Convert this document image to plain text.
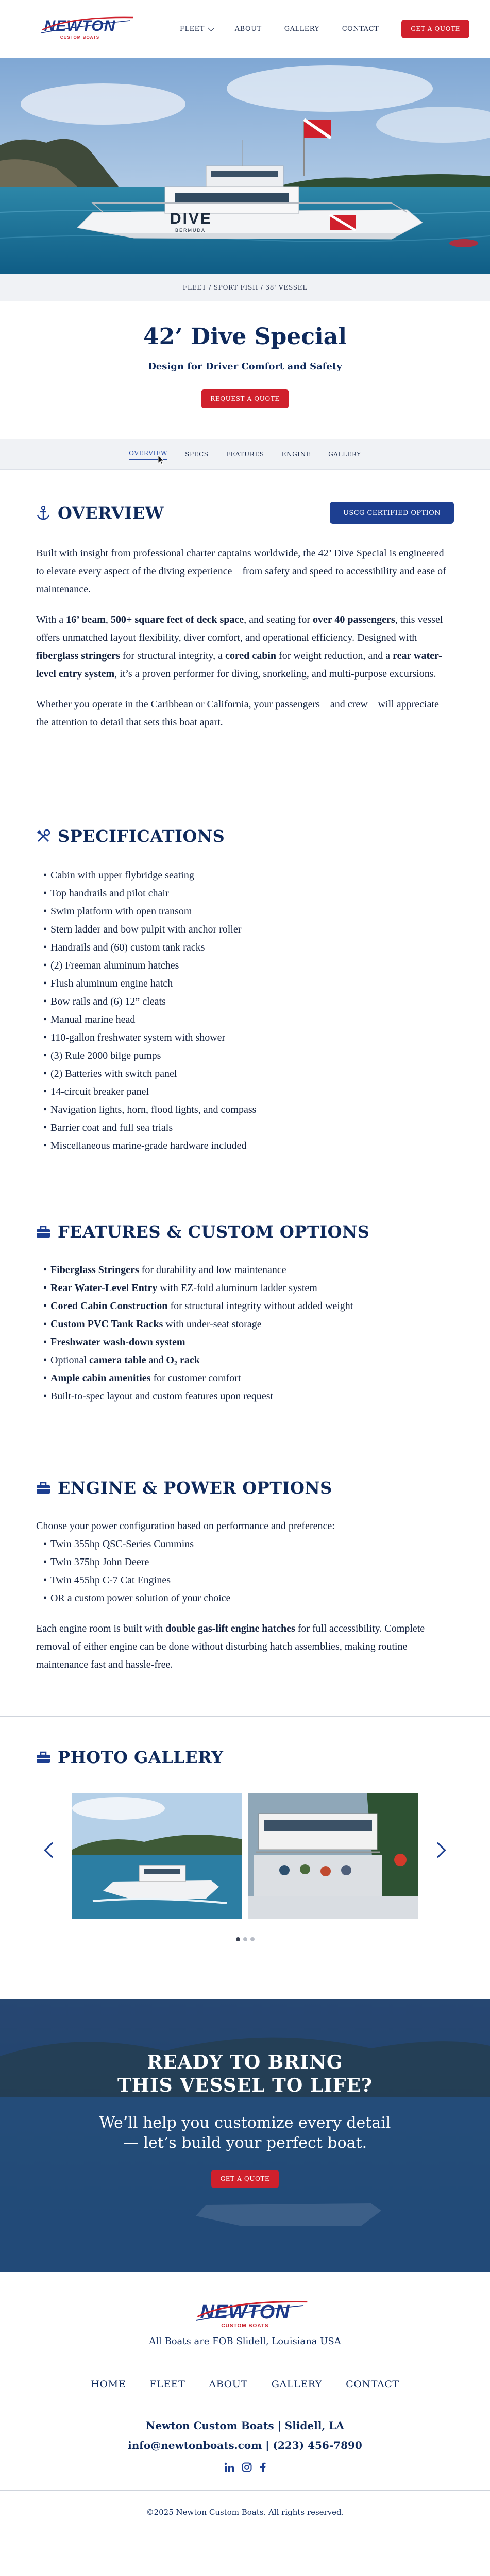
NEWTON
CUSTOM BOATS
FLEET	ABOUT	GALLERY	CONTACT	GET A QUOTE
DIVE
BERMUDA
FLEET / SPORT FISH / 38' VESSEL
42’ Dive Special
Design for Driver Comfort and Safety
REQUEST A QUOTE
OVERVIEW	SPECS	FEATURES	ENGINE	GALLERY
OVERVIEW	USCG CERTIFIED OPTION

Built with insight from professional charter captains worldwide, the 42’ Dive Special is engineered to elevate every aspect of the diving experience—from safety and speed to accessibility and ease of maintenance.

With a 16’ beam, 500+ square feet of deck space, and seating for over 40 passengers, this vessel offers unmatched layout flexibility, diver comfort, and operational efficiency. Designed with fiberglass stringers for structural integrity, a cored cabin for weight reduction, and a rear water-level entry system, it’s a proven performer for diving, snorkeling, and multi-purpose excursions.

Whether you operate in the Caribbean or California, your passengers—and crew—will appreciate the attention to detail that sets this boat apart.

SPECIFICATIONS
• Cabin with upper flybridge seating
• Top handrails and pilot chair
• Swim platform with open transom
• Stern ladder and bow pulpit with anchor roller
• Handrails and (60) custom tank racks
• (2) Freeman aluminum hatches
• Flush aluminum engine hatch
• Bow rails and (6) 12” cleats
• Manual marine head
• 110-gallon freshwater system with shower
• (3) Rule 2000 bilge pumps
• (2) Batteries with switch panel
• 14-circuit breaker panel
• Navigation lights, horn, flood lights, and compass
• Barrier coat and full sea trials
• Miscellaneous marine-grade hardware included
FEATURES & CUSTOM OPTIONS
• Fiberglass Stringers for durability and low maintenance
• Rear Water-Level Entry with EZ-fold aluminum ladder system
• Cored Cabin Construction for structural integrity without added weight
• Custom PVC Tank Racks with under-seat storage
• Freshwater wash-down system
• Optional camera table and O₂ rack
• Ample cabin amenities for customer comfort
• Built-to-spec layout and custom features upon request
ENGINE & POWER OPTIONS
Choose your power configuration based on performance and preference:
• Twin 355hp QSC-Series Cummins
• Twin 375hp John Deere
• Twin 455hp C-7 Cat Engines
• OR a custom power solution of your choice

Each engine room is built with double gas-lift engine hatches for full accessibility. Complete removal of either engine can be done without disturbing hatch assemblies, making routine maintenance fast and hassle-free.

PHOTO GALLERY
READY TO BRING
THIS VESSEL TO LIFE?

We’ll help you customize every detail
— let’s build your perfect boat.

GET A QUOTE
NEWTON
CUSTOM BOATS
All Boats are FOB Slidell, Louisiana USA
HOME FLEET ABOUT GALLERY CONTACT
Newton Custom Boats | Slidell, LA
info@newtonboats.com | (223) 456-7890
©2025 Newton Custom Boats. All rights reserved.
